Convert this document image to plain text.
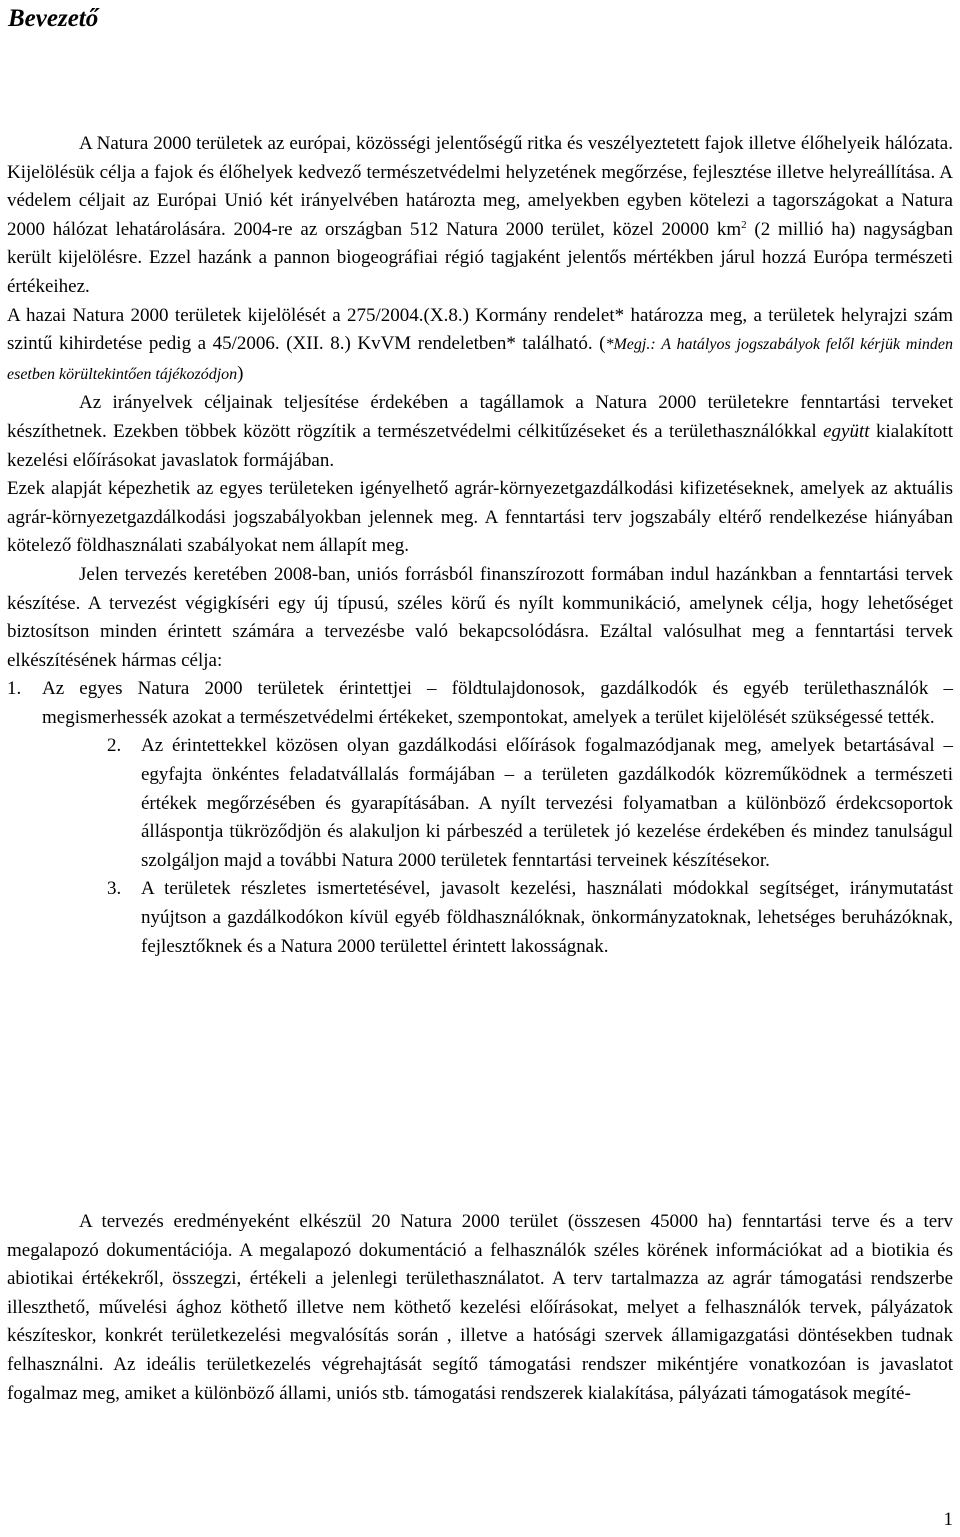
Bevezető

A Natura 2000 területek az európai, közösségi jelentőségű ritka és veszélyeztetett fajok illetve élőhelyeik hálózata. Kijelölésük célja a fajok és élőhelyek kedvező természetvédelmi helyzetének megőrzése, fejlesztése illetve helyreállítása. A védelem céljait az Európai Unió két irányelvében határozta meg, amelyekben egyben kötelezi a tagországokat a Natura 2000 hálózat lehatárolására. 2004-re az országban 512 Natura 2000 terület, közel 20000 $km^2$ (2 millió ha) nagyságban került kijelölésre. Ezzel hazánk a pannon biogeográfiai régió tagjaként jelentős mértékben járul hozzá Európa természeti értékeihez.

A hazai Natura 2000 területek kijelölését a 275/2004.(X.8.) Kormány rendelet* határozza meg, a területek helyrajzi szám szintű kihirdetése pedig a 45/2006. (XII. 8.) KvVM rendeletben* található. (*Megj.: A hatályos jogszabályok felől kérjük minden esetben körültekintően tájékozódjon)

Az irányelvek céljainak teljesítése érdekében a tagállamok a Natura 2000 területekre fenntartási terveket készíthetnek. Ezekben többek között rögzítik a természetvédelmi célkitűzéseket és a területhasználókkal együtt kialakított kezelési előírásokat javaslatok formájában.

Ezek alapját képezhetik az egyes területeken igényelhető agrár-környezetgazdálkodási kifizetéseknek, amelyek az aktuális agrár-környezetgazdálkodási jogszabályokban jelennek meg. A fenntartási terv jogszabály eltérő rendelkezése hiányában kötelező földhasználati szabályokat nem állapít meg.

Jelen tervezés keretében 2008-ban, uniós forrásból finanszírozott formában indul hazánkban a fenntartási tervek készítése. A tervezést végigkíséri egy új típusú, széles körű és nyílt kommunikáció, amelynek célja, hogy lehetőséget biztosítson minden érintett számára a tervezésbe való bekapcsolódásra. Ezáltal valósulhat meg a fenntartási tervek elkészítésének hármas célja:

1.	Az egyes Natura 2000 területek érintettjei – földtulajdonosok, gazdálkodók és egyéb területhasználók – megismerhessék azokat a természetvédelmi értékeket, szempontokat, amelyek a terület kijelölését szükségessé tették.
2.	Az érintettekkel közösen olyan gazdálkodási előírások fogalmazódjanak meg, amelyek betartásával – egyfajta önkéntes feladatvállalás formájában – a területen gazdálkodók közreműködnek a természeti értékek megőrzésében és gyarapításában. A nyílt tervezési folyamatban a különböző érdekcsoportok álláspontja tükröződjön és alakuljon ki párbeszéd a területek jó kezelése érdekében és mindez tanulságul szolgáljon majd a további Natura 2000 területek fenntartási terveinek készítésekor.
3.	A területek részletes ismertetésével, javasolt kezelési, használati módokkal segítséget, iránymutatást nyújtson a gazdálkodókon kívül egyéb földhasználóknak, önkormányzatoknak, lehetséges beruházóknak, fejlesztőknek és a Natura 2000 területtel érintett lakosságnak.

A tervezés eredményeként elkészül 20 Natura 2000 terület (összesen 45000 ha) fenntartási terve és a terv megalapozó dokumentációja. A megalapozó dokumentáció a felhasználók széles körének információkat ad a biotikia és abiotikai értékekről, összegzi, értékeli a jelenlegi területhasználatot. A terv tartalmazza az agrár támogatási rendszerbe illeszthető, művelési ághoz köthető illetve nem köthető kezelési előírásokat, melyet a felhasználók tervek, pályázatok készíteskor, konkrét területkezelési megvalósítás során , illetve a hatósági szervek államigazgatási döntésekben tudnak felhasználni. Az ideális területkezelés végrehajtását segítő támogatási rendszer mikéntjére vonatkozóan is javaslatot fogalmaz meg, amiket a különböző állami, uniós stb. támogatási rendszerek kialakítása, pályázati támogatások megíté-

1
